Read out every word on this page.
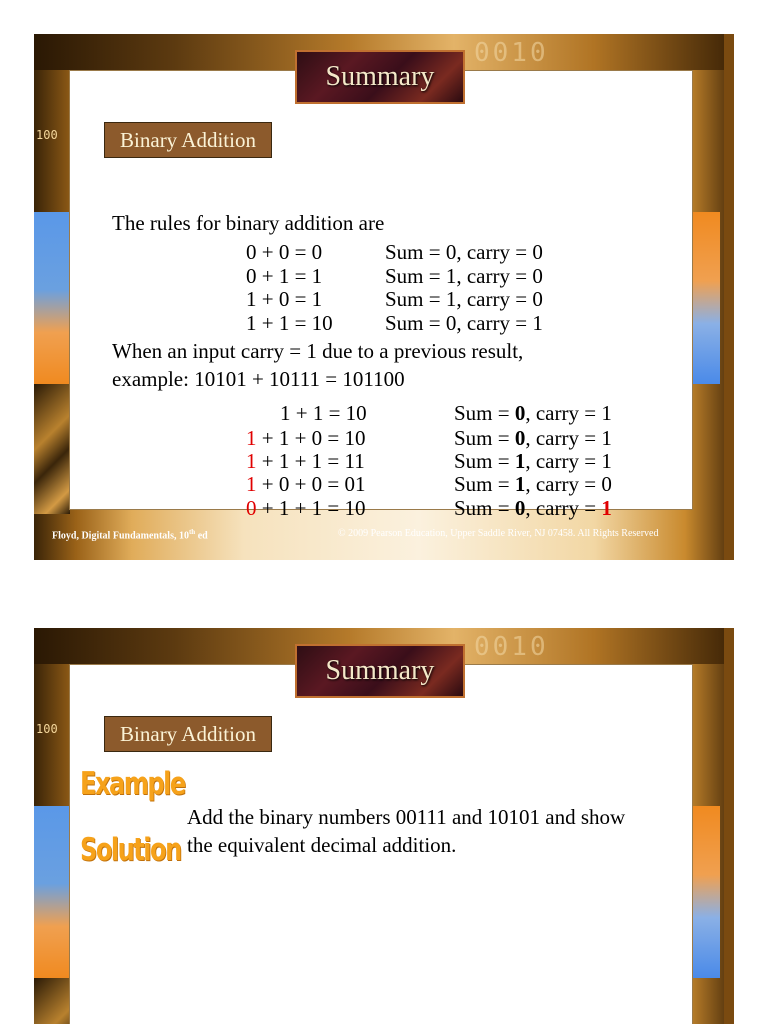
0010
100
The rules for binary addition are
0 + 0 = 0	Sum = 0, carry = 0
0 + 1 = 1	Sum = 1, carry = 0
1 + 0 = 1	Sum = 1, carry = 0
1 + 1 = 10 Sum = 0, carry = 1
When an input carry = 1 due to a previous result,
example: 10101 + 10111 = 101100
1 + 1 = 10	Sum = 0, carry = 1
1 + 1 + 0 = 10	Sum = 0, carry = 1
1 + 1 + 1 = 11	Sum = 1, carry = 1
1 + 0 + 0 = 01	Sum = 1, carry = 0
0 + 1 + 1 = 10	Sum = 0, carry = 1
Summary
Binary Addition
Floyd, Digital Fundamentals, 10th ed	© 2009 Pearson Education, Upper Saddle River, NJ 07458. All Rights Reserved
0010
100
Add the binary numbers 00111 and 10101 and show
the equivalent decimal addition.
Summary
Binary Addition
Example
Solution
